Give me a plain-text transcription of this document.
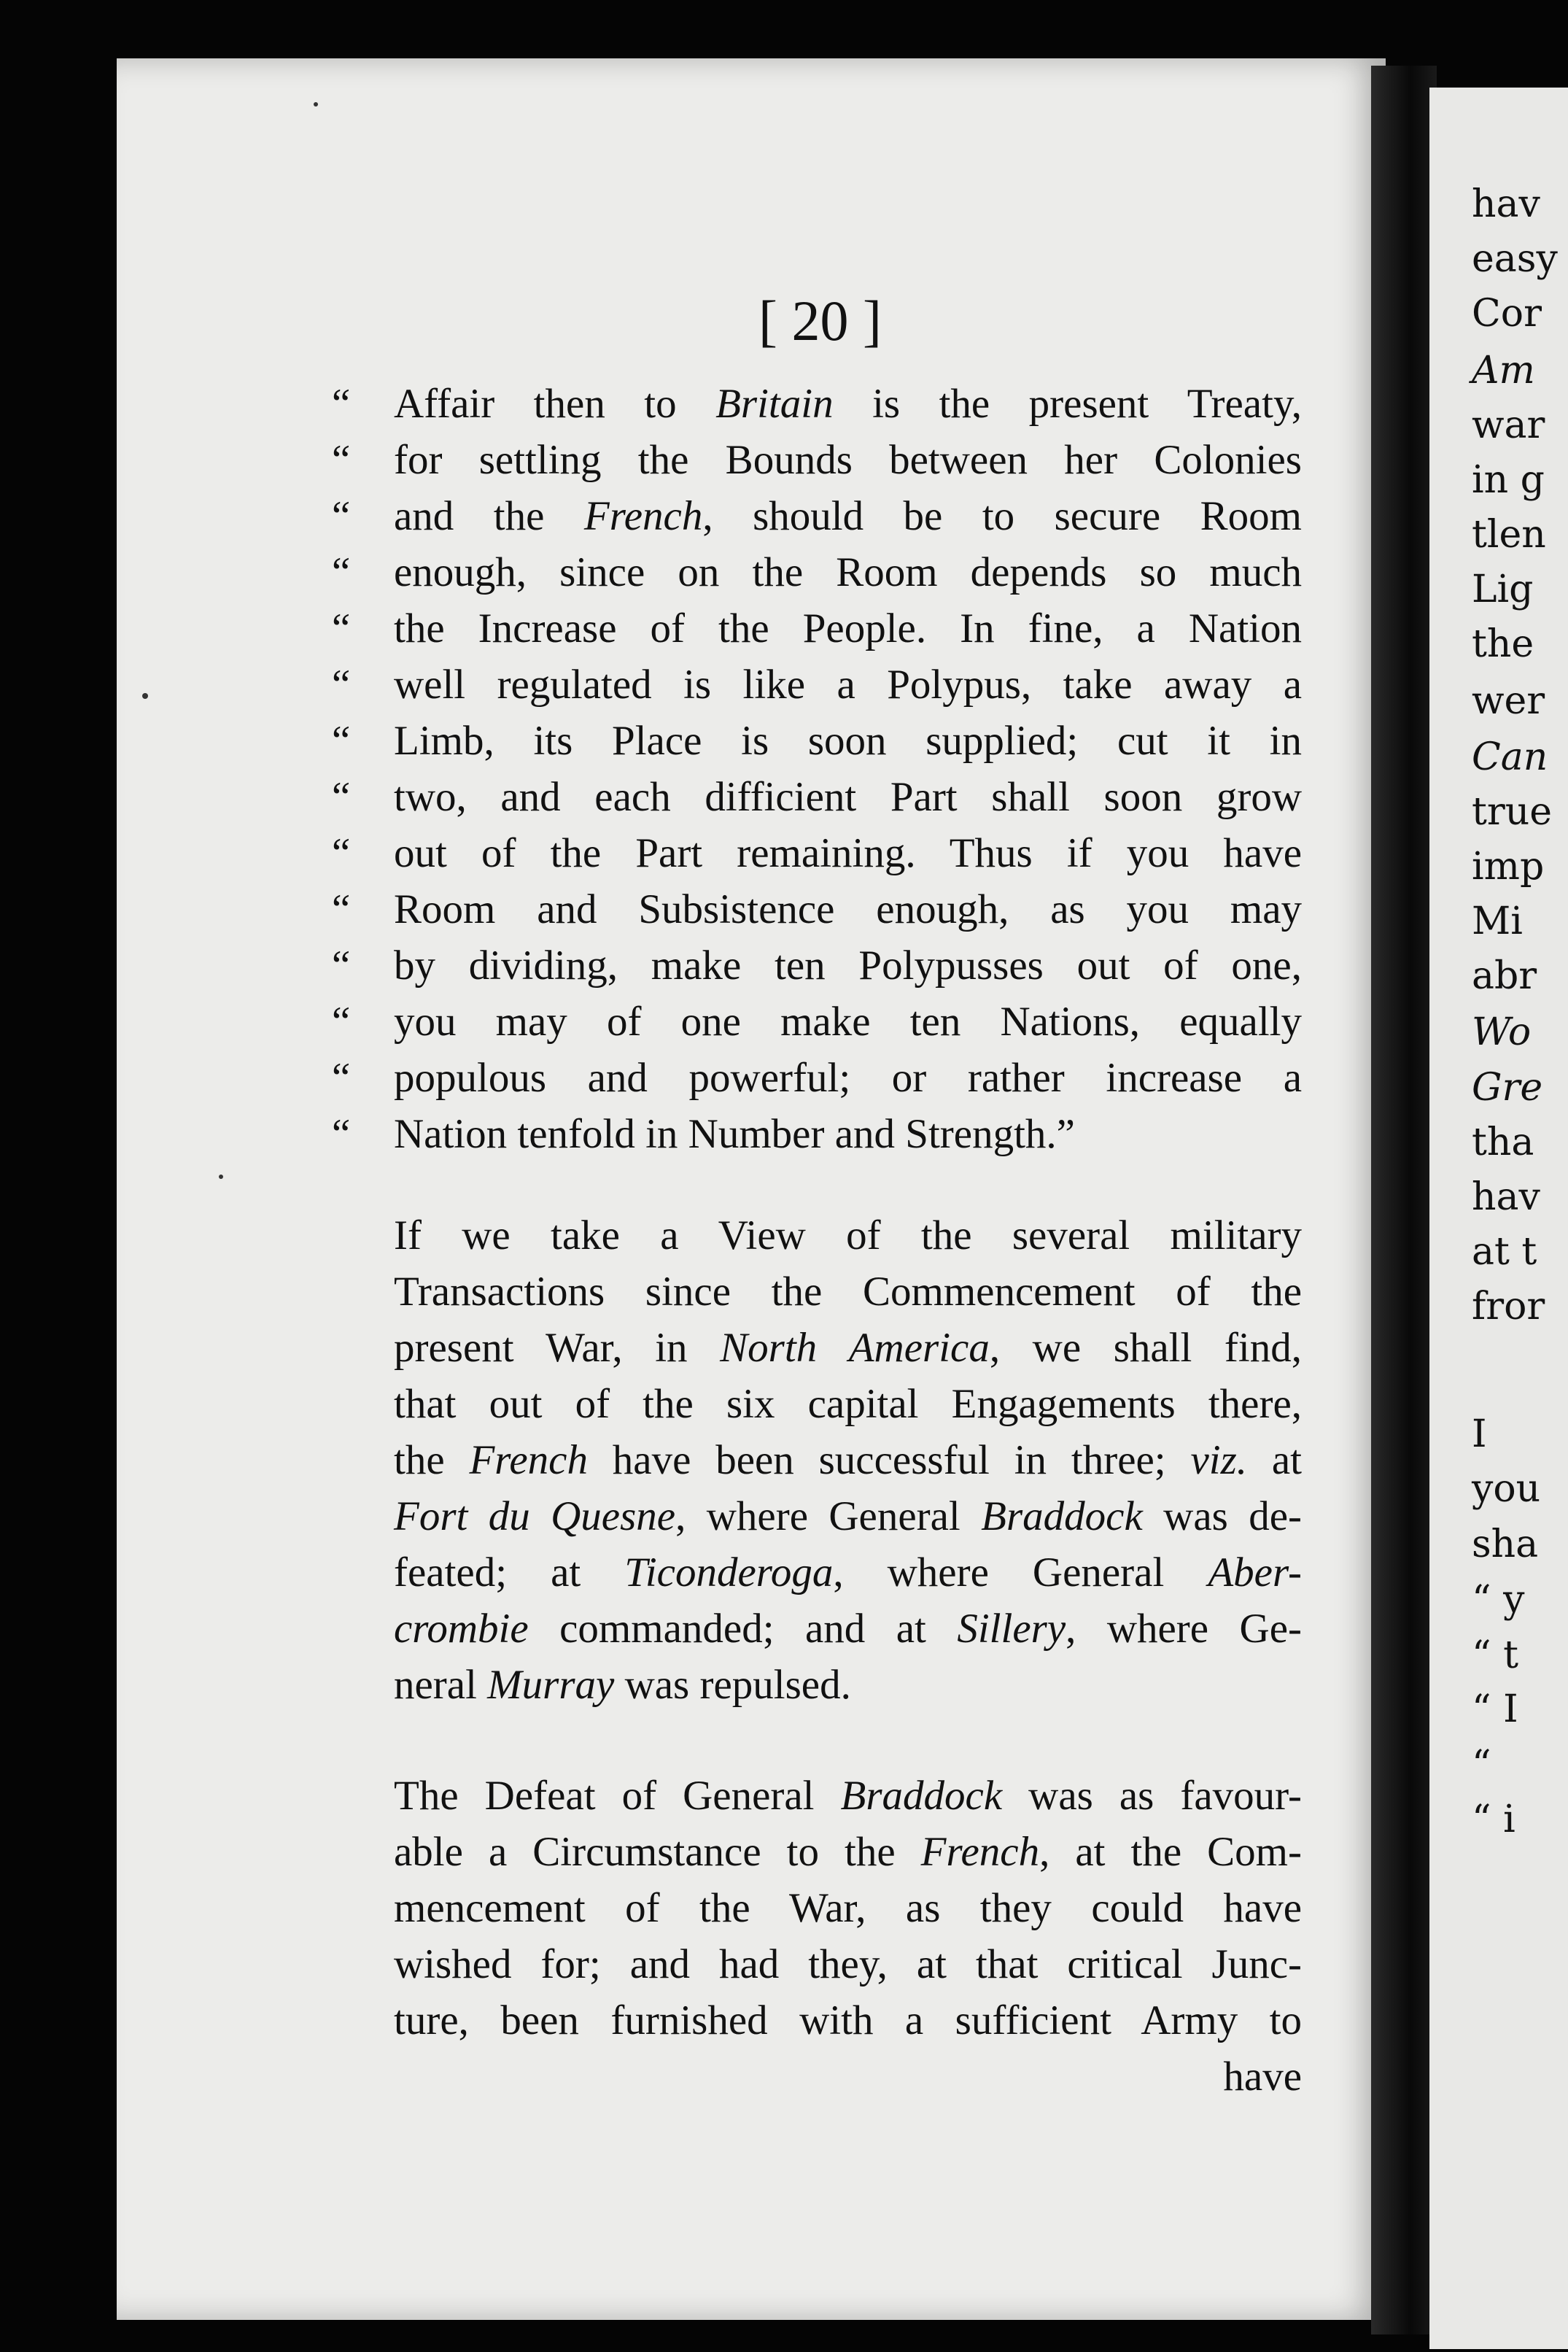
hav
easy
Cor
Am
war
in g
tlen
Lig
the
wer
Can
true
imp
Mi
abr
Wo
Gre
tha
hav
at t
fror
I
you
sha
“ y
“ t
“ I
“
“ i
[ 20 ]
“	Affair then to Britain is the present Treaty,
“	for settling the Bounds between her Colonies
“	and the French, should be to secure Room
“	enough, since on the Room depends so much
“	the Increase of the People. In fine, a Nation
“	well regulated is like a Polypus, take away a
“	Limb, its Place is soon supplied; cut it in
“	two, and each difficient Part shall soon grow
“	out of the Part remaining. Thus if you have
“	Room and Subsistence enough, as you may
“	by dividing, make ten Polypusses out of one,
“	you may of one make ten Nations, equally
“	populous and powerful; or rather increase a
“	Nation tenfold in Number and Strength.”
If we take a View of the several military
Transactions since the Commencement of the
present War, in North America, we shall find,
that out of the six capital Engagements there,
the French have been successful in three; viz. at
Fort du Quesne, where General Braddock was de-
feated; at Ticonderoga, where General Aber-
crombie commanded; and at Sillery, where Ge-
neral Murray was repulsed.
The Defeat of General Braddock was as favour-
able a Circumstance to the French, at the Com-
mencement of the War, as they could have
wished for; and had they, at that critical Junc-
ture, been furnished with a sufficient Army to
have
